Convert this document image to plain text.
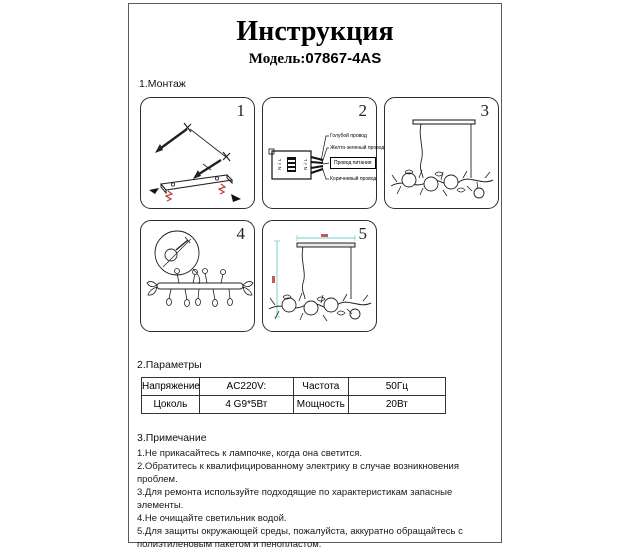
Инструкция
Модель:07867-4AS
1.Монтаж
1
N⏚L	N⏚L
Голубой провод
Желто-зеленый провод
Провод питания
Коричневый провод
2	3
4	5
2.Параметры
Напряжение	AC220V:	Частота	50Гц
Цоколь	4 G9*5Вт	Мощность	20Вт
3.Примечание
1.Не прикасайтесь к лампочке, когда она светится.
2.Обратитесь к квалифицированному электрику в случае возникновения проблем.
3.Для ремонта используйте подходящие по характеристикам запасные элементы.
4.Не очищайте светильник водой.
5.Для защиты окружающей среды, пожалуйста, аккуратно обращайтесь с полиэтиленовым пакетом и пенопластом.
